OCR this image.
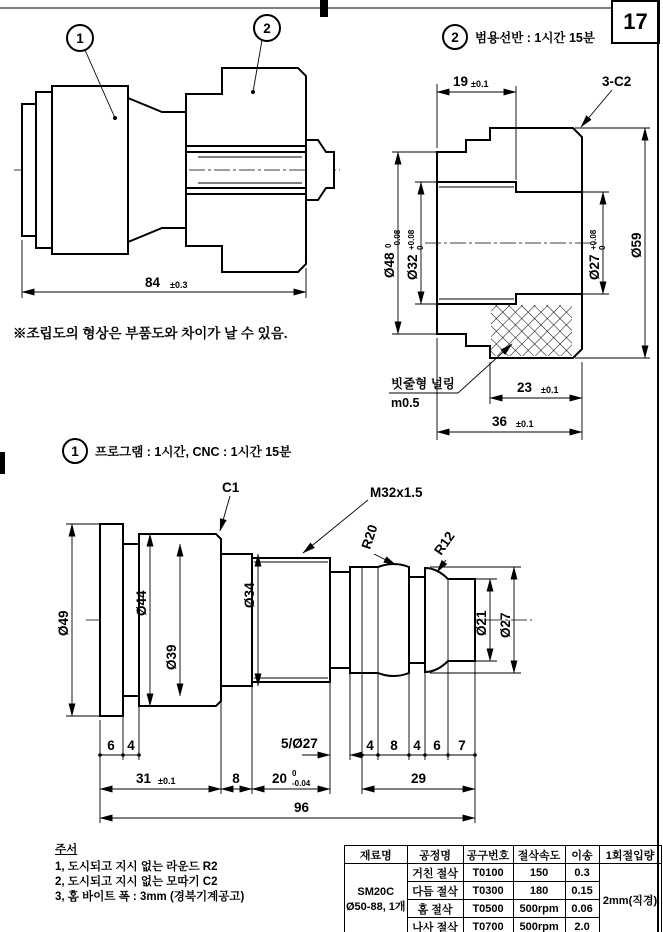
1
2
84 ±0.3
19 ±0.1	3-C2
Ø48
0 -0.08
Ø32
+0.08 0
Ø27
+0.08 0 Ø59
23 ±0.1
36 ±0.1
빗줄형 널링
m0.5
C1	M32x1.5
R20	R12
Ø49
Ø44
Ø39
Ø34
Ø21 Ø27
6 4	5/Ø27	4 8 4 6 7
31 ±0.1	8 20 0
-0.04	29
96
2 범용선반 : 1시간 15분
1 프로그램 : 1시간, CNC : 1시간 15분
※조립도의 형상은 부품도와 차이가 날 수 있음.
17
주서
1, 도시되고 지시 없는 라운드 R2
2, 도시되고 지시 없는 모따기 C2
3, 홈 바이트 폭 : 3mm (경북기계공고)
재료명	공정명	공구번호	절삭속도	이송	1회절입량

SM20C
Ø50-88, 1개	거친 절삭	T0100	150	0.3	2mm(직경)
	다듬 절삭	T0300	180	0.15	
	홈 절삭	T0500	500rpm	0.06	
	나사 절삭	T0700	500rpm	2.0	
